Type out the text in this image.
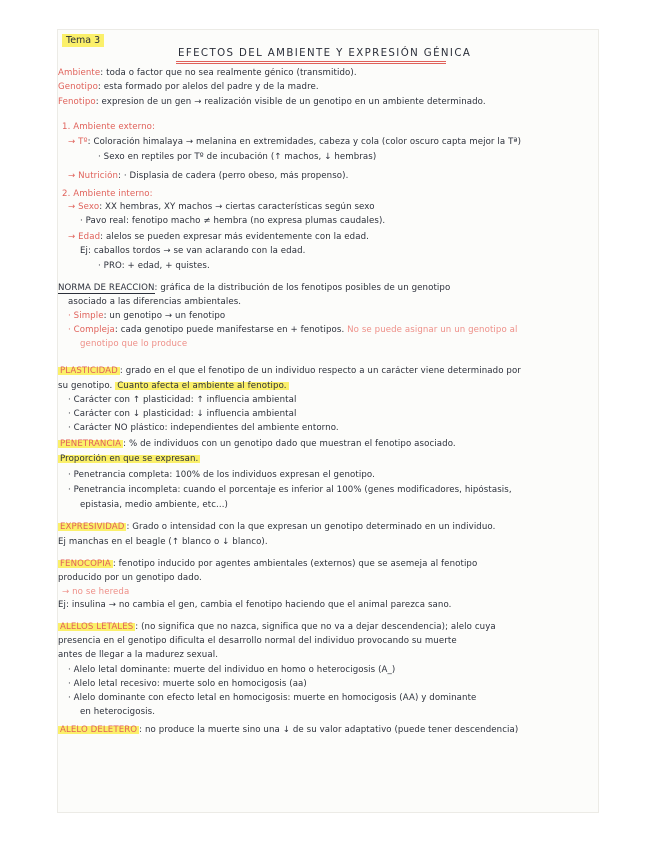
Tema 3
EFECTOS DEL AMBIENTE Y EXPRESIÓN GÉNICA
Ambiente: toda o factor que no sea realmente génico (transmitido).
Genotipo: esta formado por alelos del padre y de la madre.
Fenotipo: expresion de un gen → realización visible de un genotipo en un ambiente determinado.
1. Ambiente externo:
→ Tº: Coloración himalaya → melanina en extremidades, cabeza y cola (color oscuro capta mejor la Tª)
· Sexo en reptiles por Tº de incubación (↑ machos, ↓ hembras)
→ Nutrición: · Displasia de cadera (perro obeso, más propenso).
2. Ambiente interno:
→ Sexo: XX hembras, XY machos → ciertas características según sexo
· Pavo real: fenotipo macho ≠ hembra (no expresa plumas caudales).
→ Edad: alelos se pueden expresar más evidentemente con la edad.
Ej: caballos tordos → se van aclarando con la edad.
· PRO: + edad, + quistes.
NORMA DE REACCIÓN: gráfica de la distribución de los fenotipos posibles de un genotipo
asociado a las diferencias ambientales.
· Simple: un genotipo → un fenotipo
· Compleja: cada genotipo puede manifestarse en + fenotipos. No se puede asignar un un genotipo al
genotipo que lo produce
PLASTICIDAD : grado en el que el fenotipo de un individuo respecto a un carácter viene determinado por
su genotipo. Cuanto afecta el ambiente al fenotipo.
· Carácter con ↑ plasticidad: ↑ influencia ambiental
· Carácter con ↓ plasticidad: ↓ influencia ambiental
· Carácter NO plástico: independientes del ambiente entorno.
PENETRANCIA : % de individuos con un genotipo dado que muestran el fenotipo asociado.
Proporción en que se expresan.
· Penetrancia completa: 100% de los individuos expresan el genotipo.
· Penetrancia incompleta: cuando el porcentaje es inferior al 100% (genes modificadores, hipóstasis,
epistasia, medio ambiente, etc...)
EXPRESIVIDAD : Grado o intensidad con la que expresan un genotipo determinado en un individuo.
Ej manchas en el beagle (↑ blanco o ↓ blanco).
FENOCOPIA : fenotipo inducido por agentes ambientales (externos) que se asemeja al fenotipo
producido por un genotipo dado.
→ no se hereda
Ej: insulina → no cambia el gen, cambia el fenotipo haciendo que el animal parezca sano.
ALELOS LETALES : (no significa que no nazca, significa que no va a dejar descendencia); alelo cuya
presencia en el genotipo dificulta el desarrollo normal del individuo provocando su muerte
antes de llegar a la madurez sexual.
· Alelo letal dominante: muerte del individuo en homo o heterocigosis (A_)
· Alelo letal recesivo: muerte solo en homocigosis (aa)
· Alelo dominante con efecto letal en homocigosis: muerte en homocigosis (AA) y dominante
en heterocigosis.
ALELO DELETERO : no produce la muerte sino una ↓ de su valor adaptativo (puede tener descendencia)
